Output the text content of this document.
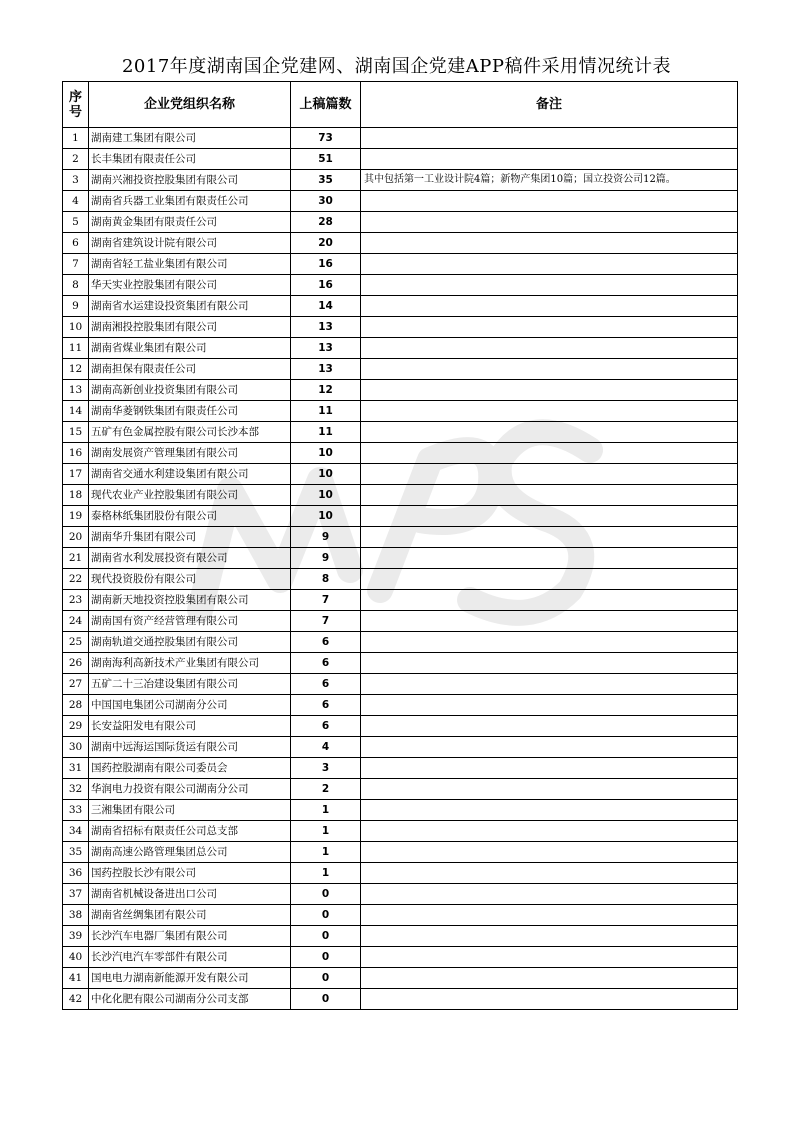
2017年度湖南国企党建网、湖南国企党建APP稿件采用情况统计表
序号	企业党组织名称	上稿篇数	备注
1	湖南建工集团有限公司	73	
2	长丰集团有限责任公司	51	
3	湖南兴湘投资控股集团有限公司	35	其中包括第一工业设计院4篇；新物产集团10篇；国立投资公司12篇。
4	湖南省兵器工业集团有限责任公司	30	
5	湖南黄金集团有限责任公司	28	
6	湖南省建筑设计院有限公司	20	
7	湖南省轻工盐业集团有限公司	16	
8	华天实业控股集团有限公司	16	
9	湖南省水运建设投资集团有限公司	14	
10	湖南湘投控股集团有限公司	13	
11	湖南省煤业集团有限公司	13	
12	湖南担保有限责任公司	13	
13	湖南高新创业投资集团有限公司	12	
14	湖南华菱钢铁集团有限责任公司	11	
15	五矿有色金属控股有限公司长沙本部	11	
16	湖南发展资产管理集团有限公司	10	
17	湖南省交通水利建设集团有限公司	10	
18	现代农业产业控股集团有限公司	10	
19	泰格林纸集团股份有限公司	10	
20	湖南华升集团有限公司	9	
21	湖南省水利发展投资有限公司	9	
22	现代投资股份有限公司	8	
23	湖南新天地投资控股集团有限公司	7	
24	湖南国有资产经营管理有限公司	7	
25	湖南轨道交通控股集团有限公司	6	
26	湖南海利高新技术产业集团有限公司	6	
27	五矿二十三冶建设集团有限公司	6	
28	中国国电集团公司湖南分公司	6	
29	长安益阳发电有限公司	6	
30	湖南中远海运国际货运有限公司	4	
31	国药控股湖南有限公司委员会	3	
32	华润电力投资有限公司湖南分公司	2	
33	三湘集团有限公司	1	
34	湖南省招标有限责任公司总支部	1	
35	湖南高速公路管理集团总公司	1	
36	国药控股长沙有限公司	1	
37	湖南省机械设备进出口公司	0	
38	湖南省丝绸集团有限公司	0	
39	长沙汽车电器厂集团有限公司	0	
40	长沙汽电汽车零部件有限公司	0	
41	国电电力湖南新能源开发有限公司	0	
42	中化化肥有限公司湖南分公司支部	0	
